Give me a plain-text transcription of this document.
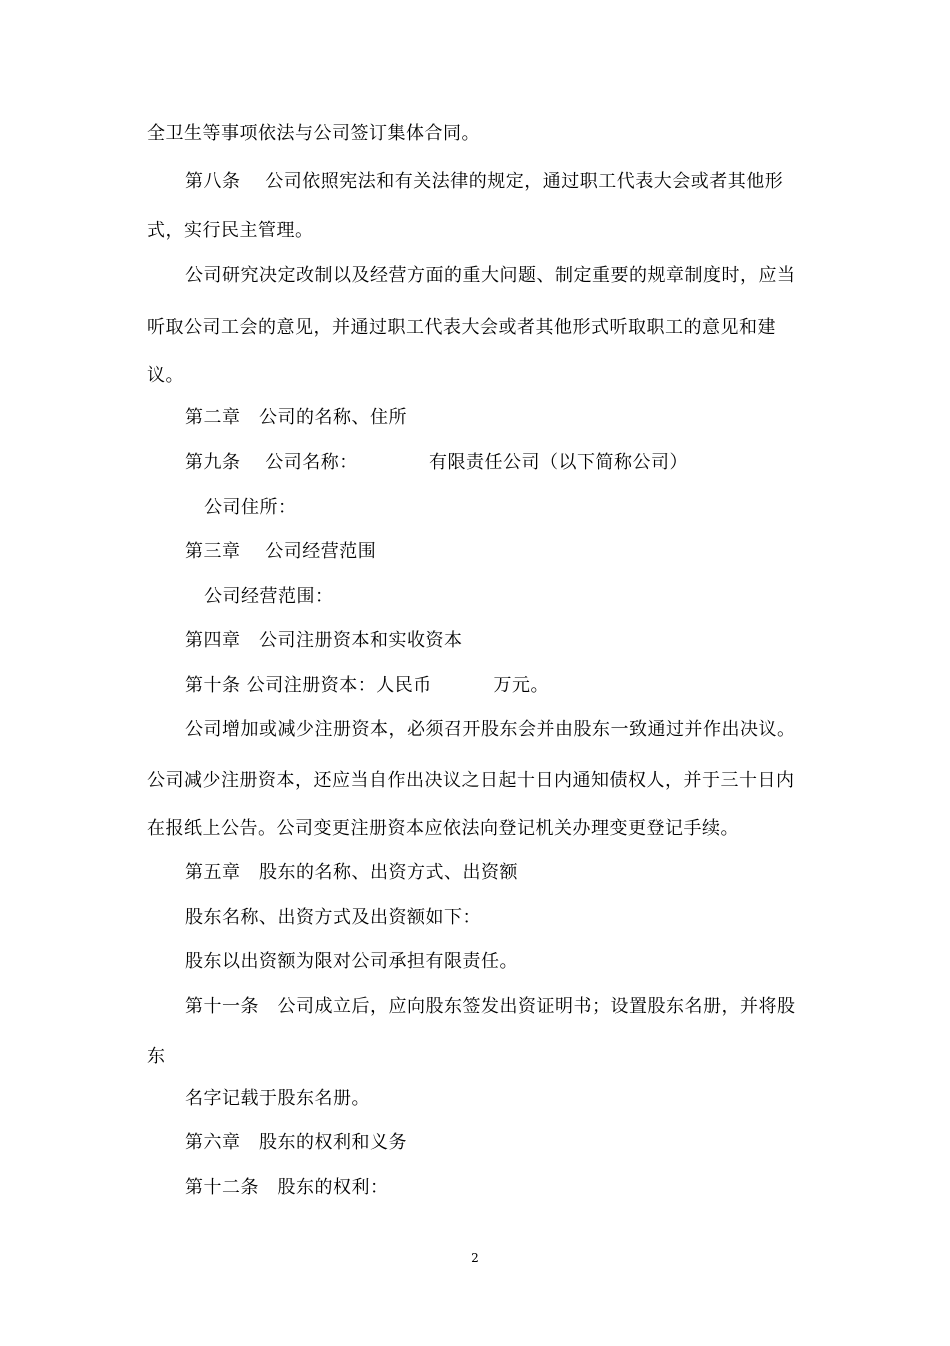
全卫生等事项依法与公司签订集体合同。
第八条　 公司依照宪法和有关法律的规定，通过职工代表大会或者其他形
式，实行民主管理。
公司研究决定改制以及经营方面的重大问题、制定重要的规章制度时，应当
听取公司工会的意见，并通过职工代表大会或者其他形式听取职工的意见和建
议。
第二章　公司的名称、住所
第九条　 公司名称：　　　　 有限责任公司（以下简称公司）
公司住所：
第三章　 公司经营范围
公司经营范围：
第四章　公司注册资本和实收资本
第十条 公司注册资本：人民币　　　 万元。
公司增加或减少注册资本，必须召开股东会并由股东一致通过并作出决议。
公司减少注册资本，还应当自作出决议之日起十日内通知债权人，并于三十日内
在报纸上公告。公司变更注册资本应依法向登记机关办理变更登记手续。
第五章　股东的名称、出资方式、出资额
股东名称、出资方式及出资额如下：
股东以出资额为限对公司承担有限责任。
第十一条　公司成立后，应向股东签发出资证明书；设置股东名册，并将股
东
名字记载于股东名册。
第六章　股东的权利和义务
第十二条　股东的权利：
2
